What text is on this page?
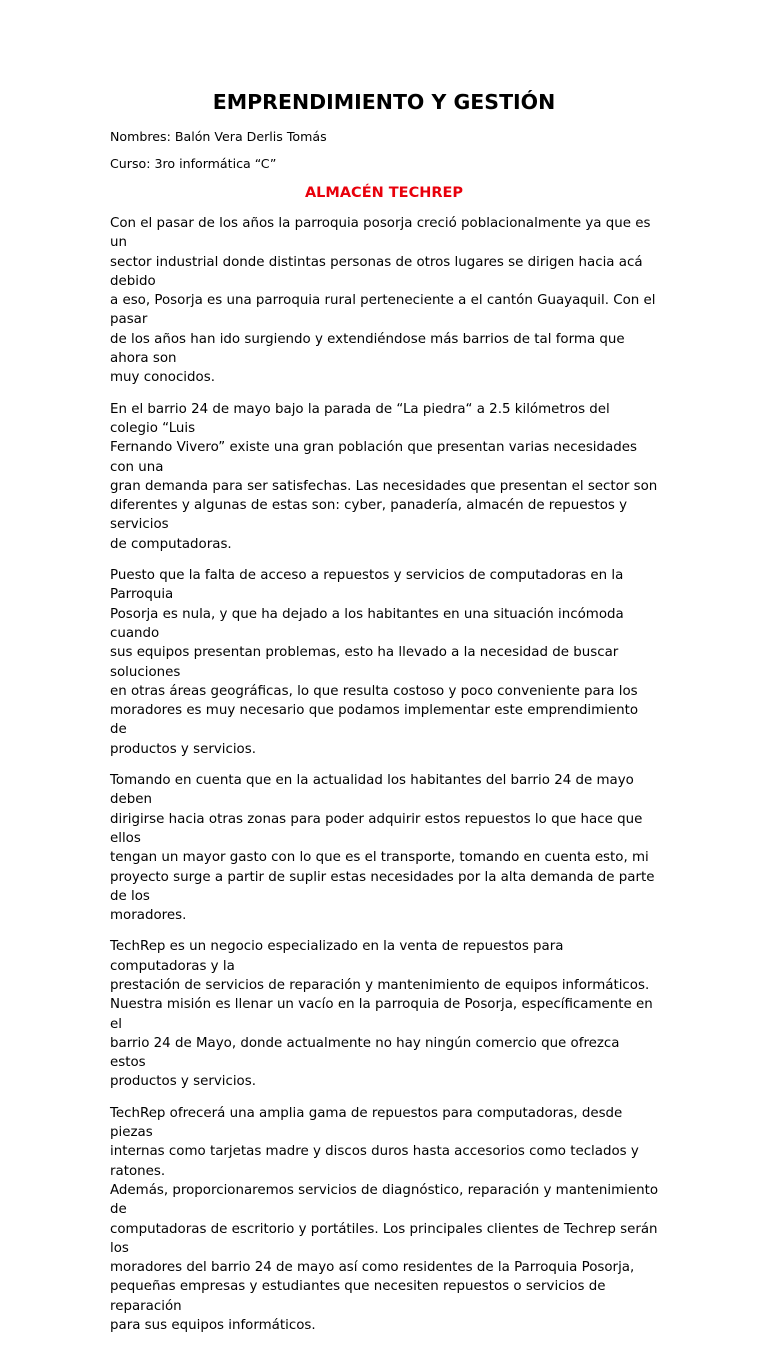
EMPRENDIMIENTO Y GESTIÓN

Nombres: Balón Vera Derlis Tomás

Curso: 3ro informática “C”

ALMACÉN TECHREP

Con el pasar de los años la parroquia posorja creció poblacionalmente ya que es un
sector industrial donde distintas personas de otros lugares se dirigen hacia acá debido
a eso, Posorja es una parroquia rural perteneciente a el cantón Guayaquil. Con el pasar
de los años han ido surgiendo y extendiéndose más barrios de tal forma que ahora son
muy conocidos.

En el barrio 24 de mayo bajo la parada de “La piedra“ a 2.5 kilómetros del colegio “Luis
Fernando Vivero” existe una gran población que presentan varias necesidades con una
gran demanda para ser satisfechas. Las necesidades que presentan el sector son
diferentes y algunas de estas son: cyber, panadería, almacén de repuestos y servicios
de computadoras.

Puesto que la falta de acceso a repuestos y servicios de computadoras en la Parroquia
Posorja es nula, y que ha dejado a los habitantes en una situación incómoda cuando
sus equipos presentan problemas, esto ha llevado a la necesidad de buscar soluciones
en otras áreas geográficas, lo que resulta costoso y poco conveniente para los
moradores es muy necesario que podamos implementar este emprendimiento de
productos y servicios.

Tomando en cuenta que en la actualidad los habitantes del barrio 24 de mayo deben
dirigirse hacia otras zonas para poder adquirir estos repuestos lo que hace que ellos
tengan un mayor gasto con lo que es el transporte, tomando en cuenta esto, mi
proyecto surge a partir de suplir estas necesidades por la alta demanda de parte de los
moradores.

TechRep es un negocio especializado en la venta de repuestos para computadoras y la
prestación de servicios de reparación y mantenimiento de equipos informáticos.
Nuestra misión es llenar un vacío en la parroquia de Posorja, específicamente en el
barrio 24 de Mayo, donde actualmente no hay ningún comercio que ofrezca estos
productos y servicios.

TechRep ofrecerá una amplia gama de repuestos para computadoras, desde piezas
internas como tarjetas madre y discos duros hasta accesorios como teclados y ratones.
Además, proporcionaremos servicios de diagnóstico, reparación y mantenimiento de
computadoras de escritorio y portátiles. Los principales clientes de Techrep serán los
moradores del barrio 24 de mayo así como residentes de la Parroquia Posorja,
pequeñas empresas y estudiantes que necesiten repuestos o servicios de reparación
para sus equipos informáticos.
